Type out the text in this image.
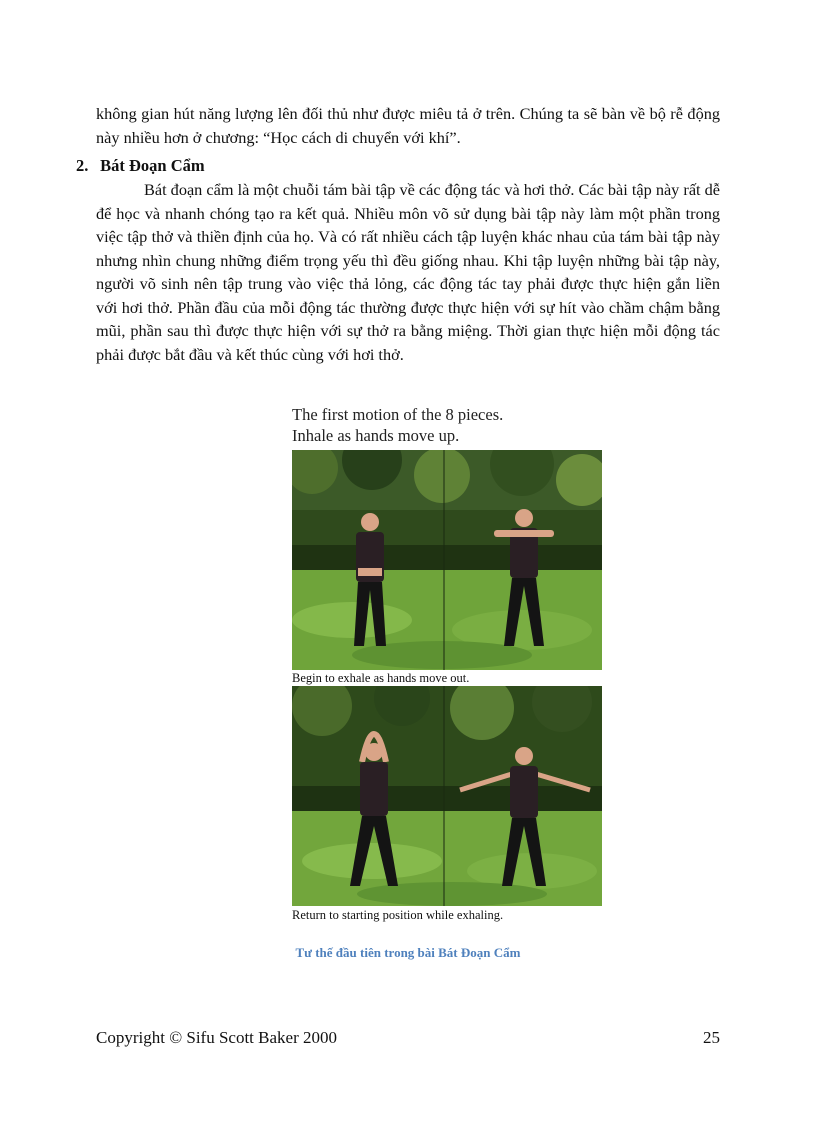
không gian hút năng lượng lên đối thủ như được miêu tả ở trên. Chúng ta sẽ bàn về bộ rễ động này nhiều hơn ở chương: “Học cách di chuyển với khí”.

2. Bát Đoạn Cẩm

Bát đoạn cẩm là một chuỗi tám bài tập về các động tác và hơi thở. Các bài tập này rất dễ để học và nhanh chóng tạo ra kết quả. Nhiều môn võ sử dụng bài tập này làm một phần trong việc tập thở và thiền định của họ. Và có rất nhiều cách tập luyện khác nhau của tám bài tập này nhưng nhìn chung những điểm trọng yếu thì đều giống nhau. Khi tập luyện những bài tập này, người võ sinh nên tập trung vào việc thả lỏng, các động tác tay phải được thực hiện gắn liền với hơi thở. Phần đầu của mỗi động tác thường được thực hiện với sự hít vào chầm chậm bằng mũi, phần sau thì được thực hiện với sự thở ra bằng miệng. Thời gian thực hiện mỗi động tác phải được bắt đầu và kết thúc cùng với hơi thở.

The first motion of the 8 pieces.
Inhale as hands move up.
Begin to exhale as hands move out.
Return to starting position while exhaling.
Tư thế đầu tiên trong bài Bát Đoạn Cẩm
Copyright © Sifu Scott Baker 2000	25
